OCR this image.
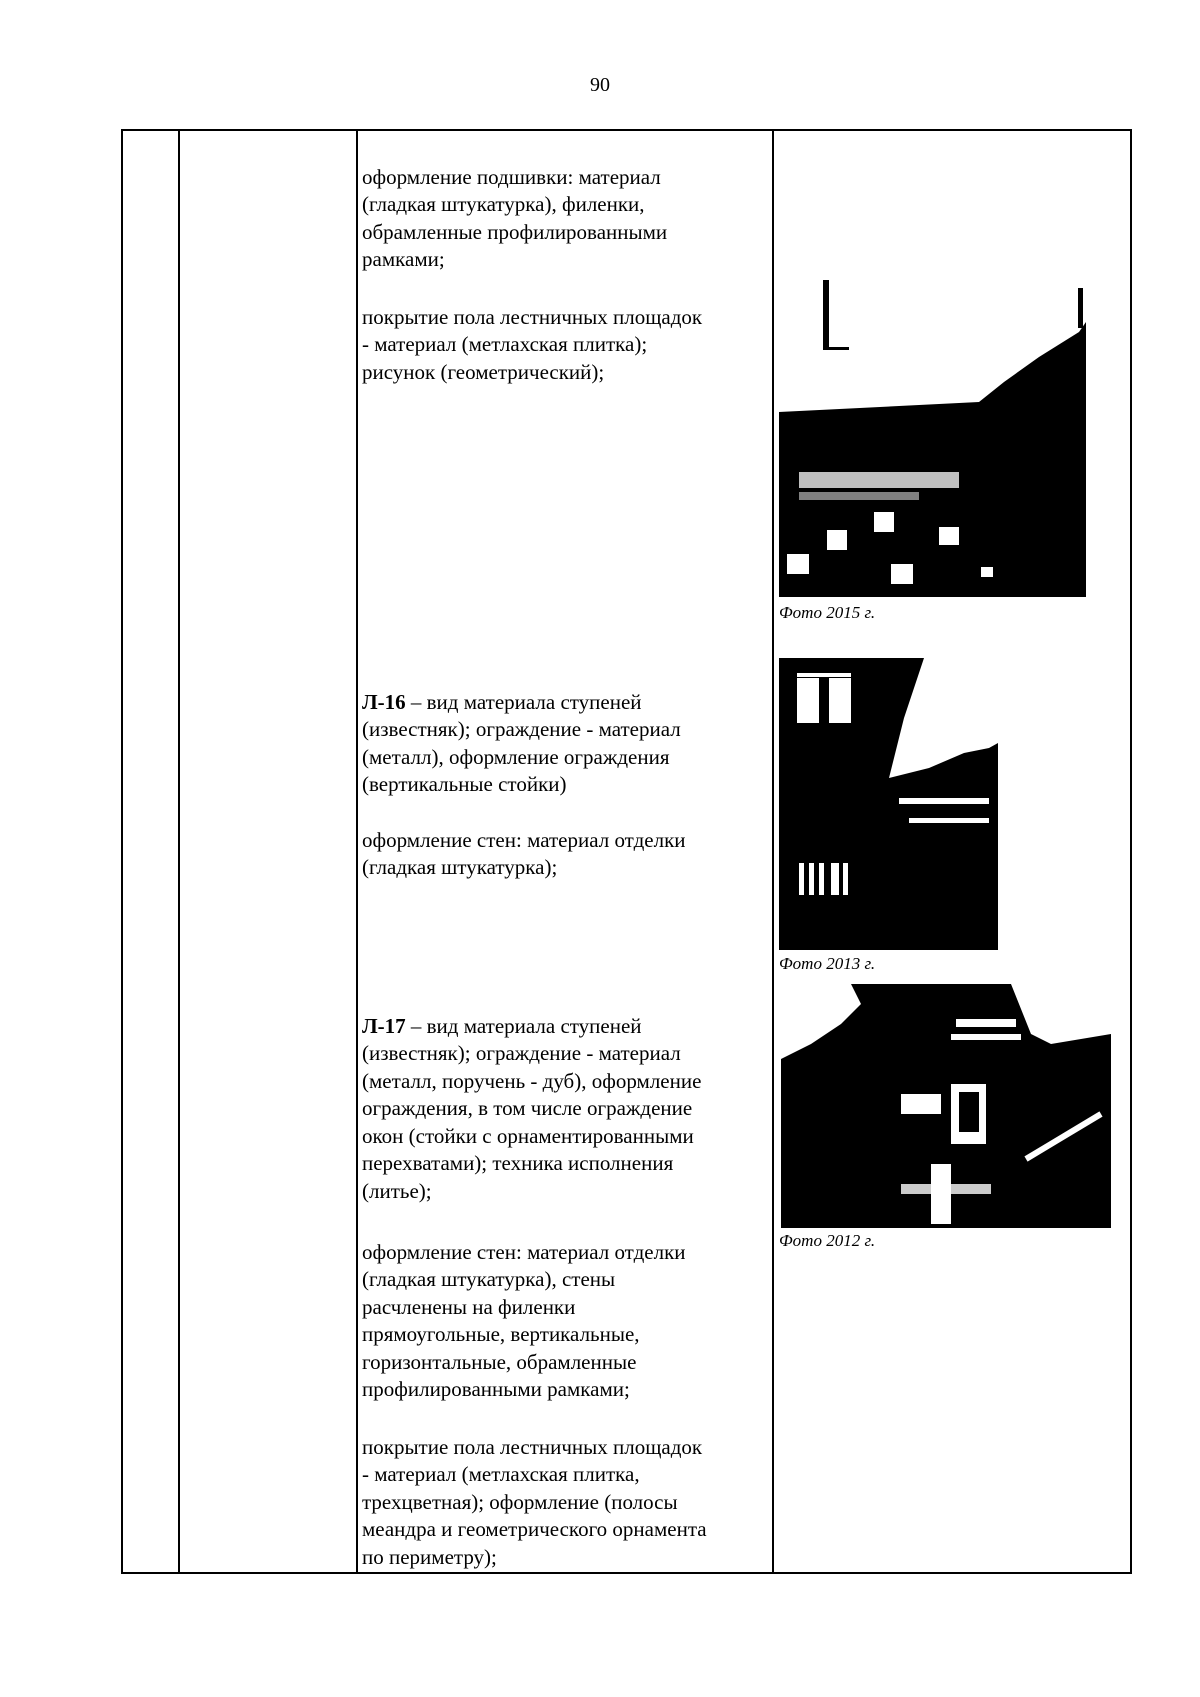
90

оформление подшивки: материал
(гладкая штукатурка), филенки,
обрамленные профилированными
рамками;

покрытие пола лестничных площадок
- материал (метлахская плитка);
рисунок (геометрический);

Л-16 – вид материала ступеней
(известняк); ограждение - материал
(металл), оформление ограждения
(вертикальные стойки)

оформление стен: материал отделки
(гладкая штукатурка);

Л-17 – вид материала ступеней
(известняк); ограждение - материал
(металл, поручень - дуб), оформление
ограждения, в том числе ограждение
окон (стойки с орнаментированными
перехватами); техника исполнения
(литье);

оформление стен: материал отделки
(гладкая штукатурка), стены
расчленены на филенки
прямоугольные, вертикальные,
горизонтальные, обрамленные
профилированными рамками;

покрытие пола лестничных площадок
- материал (метлахская плитка,
трехцветная); оформление (полосы
меандра и геометрического орнамента
по периметру);

Фото 2015 г.
Фото 2013 г.
Фото 2012 г.
